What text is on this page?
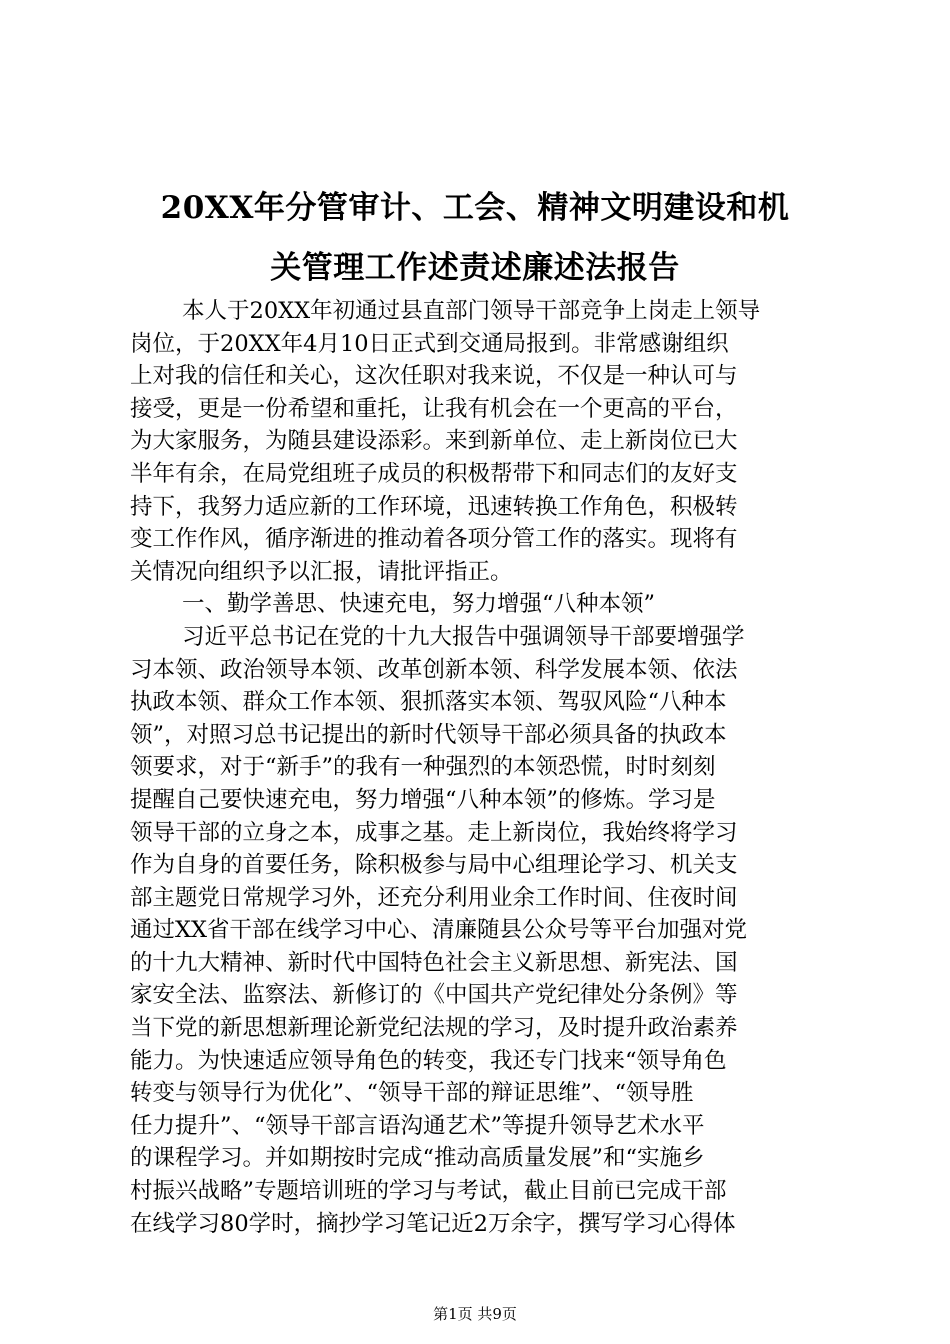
20XX年分管审计、工会、精神文明建设和机
关管理工作述责述廉述法报告
本人于20XX年初通过县直部门领导干部竞争上岗走上领导
岗位，于20XX年4月10日正式到交通局报到。非常感谢组织
上对我的信任和关心，这次任职对我来说，不仅是一种认可与
接受，更是一份希望和重托，让我有机会在一个更高的平台，
为大家服务，为随县建设添彩。来到新单位、走上新岗位已大
半年有余，在局党组班子成员的积极帮带下和同志们的友好支
持下，我努力适应新的工作环境，迅速转换工作角色，积极转
变工作作风，循序渐进的推动着各项分管工作的落实。现将有
关情况向组织予以汇报，请批评指正。
一、勤学善思、快速充电，努力增强“八种本领”
习近平总书记在党的十九大报告中强调领导干部要增强学
习本领、政治领导本领、改革创新本领、科学发展本领、依法
执政本领、群众工作本领、狠抓落实本领、驾驭风险“八种本
领”，对照习总书记提出的新时代领导干部必须具备的执政本
领要求，对于“新手”的我有一种强烈的本领恐慌，时时刻刻
提醒自己要快速充电，努力增强“八种本领”的修炼。学习是
领导干部的立身之本，成事之基。走上新岗位，我始终将学习
作为自身的首要任务，除积极参与局中心组理论学习、机关支
部主题党日常规学习外，还充分利用业余工作时间、住夜时间
通过XX省干部在线学习中心、清廉随县公众号等平台加强对党
的十九大精神、新时代中国特色社会主义新思想、新宪法、国
家安全法、监察法、新修订的《中国共产党纪律处分条例》等
当下党的新思想新理论新党纪法规的学习，及时提升政治素养
能力。为快速适应领导角色的转变，我还专门找来“领导角色
转变与领导行为优化”、“领导干部的辩证思维”、“领导胜
任力提升”、“领导干部言语沟通艺术”等提升领导艺术水平
的课程学习。并如期按时完成“推动高质量发展”和“实施乡
村振兴战略”专题培训班的学习与考试，截止目前已完成干部
在线学习80学时，摘抄学习笔记近2万余字，撰写学习心得体
第1页 共9页
